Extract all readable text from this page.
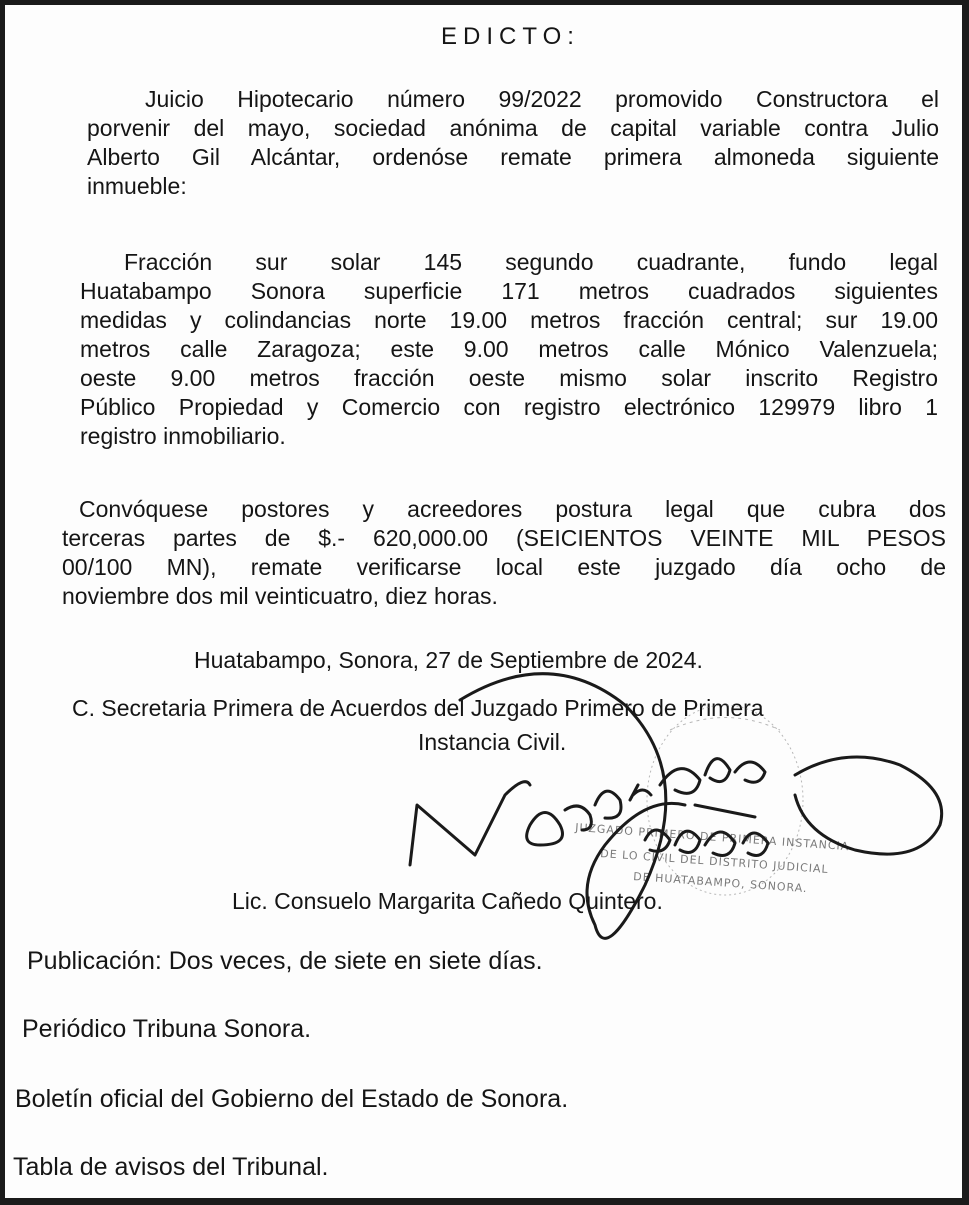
EDICTO:
Juicio Hipotecario número 99/2022 promovido Constructora el
porvenir del mayo, sociedad anónima de capital variable contra Julio
Alberto Gil Alcántar, ordenóse remate primera almoneda siguiente
inmueble:
Fracción sur solar 145 segundo cuadrante, fundo legal
Huatabampo Sonora superficie 171 metros cuadrados siguientes
medidas y colindancias norte 19.00 metros fracción central; sur 19.00
metros calle Zaragoza; este 9.00 metros calle Mónico Valenzuela;
oeste 9.00 metros fracción oeste mismo solar inscrito Registro
Público Propiedad y Comercio con registro electrónico 129979 libro 1
registro inmobiliario.
Convóquese postores y acreedores postura legal que cubra dos
terceras partes de $.- 620,000.00 (SEICIENTOS VEINTE MIL PESOS
00/100 MN), remate verificarse local este juzgado día ocho de
noviembre dos mil veinticuatro, diez horas.
Huatabampo, Sonora, 27 de Septiembre de 2024.
C. Secretaria Primera de Acuerdos del Juzgado Primero de Primera
Instancia Civil.
JUZGADO PRIMERO DE PRIMERA INSTANCIA
DE LO CIVIL DEL DISTRITO JUDICIAL
DE HUATABAMPO, SONORA.
Lic. Consuelo Margarita Cañedo Quintero.
Publicación: Dos veces, de siete en siete días.
Periódico Tribuna Sonora.
Boletín oficial del Gobierno del Estado de Sonora.
Tabla de avisos del Tribunal.
